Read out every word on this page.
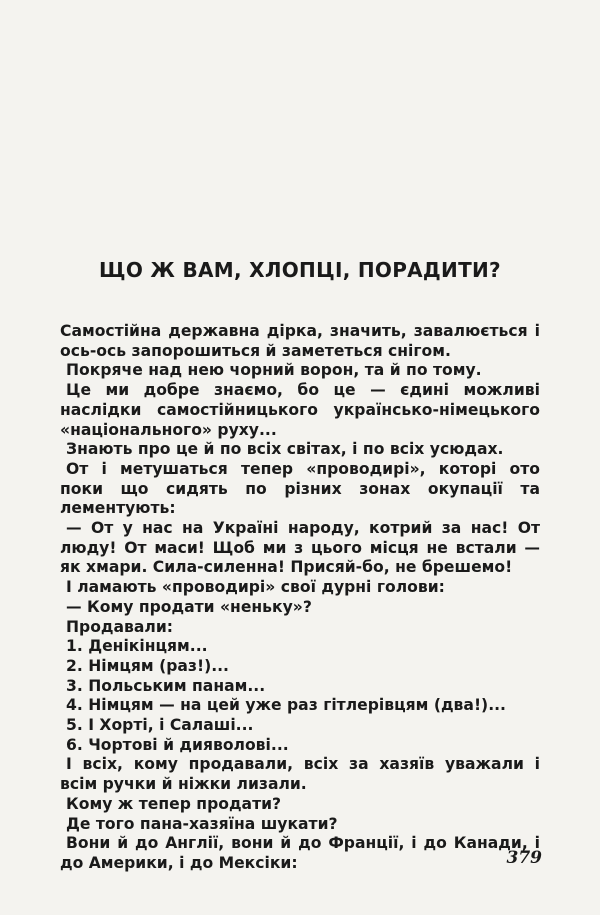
ЩО Ж ВАМ, ХЛОПЦІ, ПОРАДИТИ?

Самостійна державна дірка, значить, завалюється і ось-ось запорошиться й замететься снігом.

Покряче над нею чорний ворон, та й по тому.

Це ми добре знаємо, бо це — єдині можливі наслідки самостійницького українсько-німецького «національного» руху...

Знають про це й по всіх світах, і по всіх усюдах.

От і метушаться тепер «проводирі», которі ото поки що сидять по різних зонах окупації та лементують:

— От у нас на Україні народу, котрий за нас! От люду! От маси! Щоб ми з цього місця не встали — як хмари. Сила-силенна! Присяй-бо, не брешемо!

І ламають «проводирі» свої дурні голови:

— Кому продати «неньку»?

Продавали:

1. Денікінцям...

2. Німцям (раз!)...

3. Польським панам...

4. Німцям — на цей уже раз гітлерівцям (два!)...

5. І Хорті, і Салаші...

6. Чортові й дияволові...

І всіх, кому продавали, всіх за хазяїв уважали і всім ручки й ніжки лизали.

Кому ж тепер продати?

Де того пана-хазяїна шукати?

Вони й до Англії, вони й до Франції, і до Канади, і до Америки, і до Мексіки:	379
